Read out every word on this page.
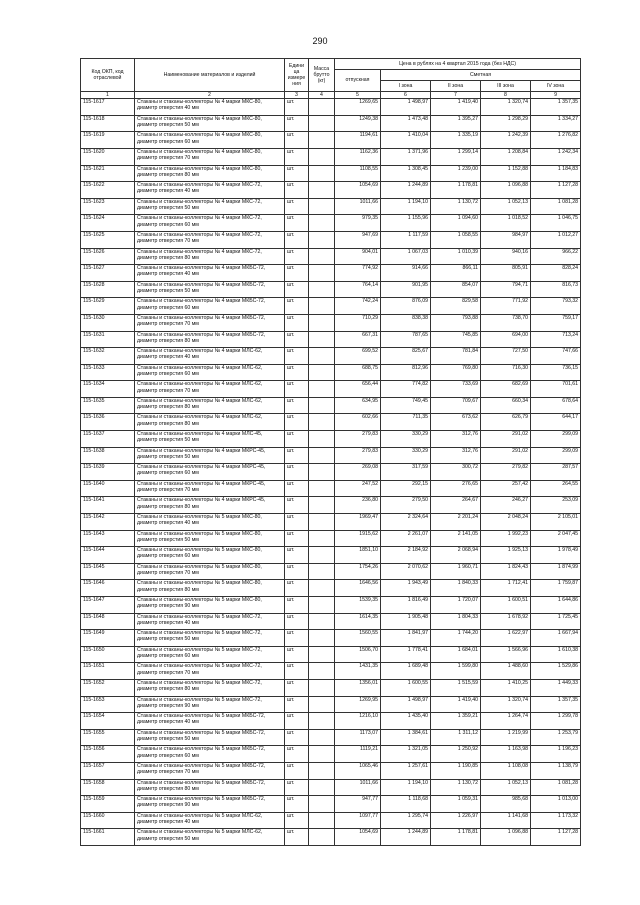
290
Код ОКП, код отраслевой	Наименование материалов и изделий	Едини ца измере ния	Масса брутто (кг)	Цена в рублях на 4 квартал 2015 года (без НДС)				
				отпускная	Сметная			
					I зона	II зона	III зона	IV зона
1	2	3	4	5	6	7	8	9
115-1617	Стаканы и стаканы-коллекторы № 4 марки МКС-80, диаметр отверстия 40 мм	шт.		1269,65	1 498,97	1 419,40	1 320,74	1 357,35
115-1618	Стаканы и стаканы-коллекторы № 4 марки МКС-80, диаметр отверстия 50 мм	шт.		1249,38	1 473,48	1 395,27	1 298,29	1 334,27
115-1619	Стаканы и стаканы-коллекторы № 4 марки МКС-80, диаметр отверстия 60 мм	шт.		1194,61	1 410,04	1 335,19	1 242,39	1 276,82
115-1620	Стаканы и стаканы-коллекторы № 4 марки МКС-80, диаметр отверстия 70 мм	шт.		1162,36	1 371,96	1 299,14	1 208,84	1 242,34
115-1621	Стаканы и стаканы-коллекторы № 4 марки МКС-80, диаметр отверстия 80 мм	шт.		1108,55	1 308,45	1 239,00	1 152,88	1 184,83
115-1622	Стаканы и стаканы-коллекторы № 4 марки МКС-72, диаметр отверстия 40 мм	шт.		1054,69	1 244,89	1 178,81	1 096,88	1 127,28
115-1623	Стаканы и стаканы-коллекторы № 4 марки МКС-72, диаметр отверстия 50 мм	шт.		1011,66	1 194,10	1 130,72	1 052,13	1 081,28
115-1624	Стаканы и стаканы-коллекторы № 4 марки МКС-72, диаметр отверстия 60 мм	шт.		979,35	1 155,96	1 094,60	1 018,52	1 046,75
115-1625	Стаканы и стаканы-коллекторы № 4 марки МКС-72, диаметр отверстия 70 мм	шт.		947,69	1 117,59	1 058,55	984,97	1 012,27
115-1626	Стаканы и стаканы-коллекторы № 4 марки МКС-72, диаметр отверстия 80 мм	шт.		904,01	1 067,03	1 010,39	940,16	966,22
115-1627	Стаканы и стаканы-коллекторы № 4 марки МКБС-72, диаметр отверстия 40 мм	шт.		774,92	914,66	866,11	805,91	828,24
115-1628	Стаканы и стаканы-коллекторы № 4 марки МКБС-72, диаметр отверстия 50 мм	шт.		764,14	901,95	854,07	794,71	816,73
115-1629	Стаканы и стаканы-коллекторы № 4 марки МКБС-72, диаметр отверстия 60 мм	шт.		742,24	876,09	829,58	771,92	793,32
115-1630	Стаканы и стаканы-коллекторы № 4 марки МКБС-72, диаметр отверстия 70 мм	шт.		710,29	838,38	793,88	738,70	759,17
115-1631	Стаканы и стаканы-коллекторы № 4 марки МКБС-72, диаметр отверстия 80 мм	шт.		667,31	787,65	745,85	694,00	713,24
115-1632	Стаканы и стаканы-коллекторы № 4 марки МЛС-62, диаметр отверстия 40 мм	шт.		699,52	825,67	781,84	727,50	747,66
115-1633	Стаканы и стаканы-коллекторы № 4 марки МЛС-62, диаметр отверстия 60 мм	шт.		688,75	812,96	769,80	716,30	736,15
115-1634	Стаканы и стаканы-коллекторы № 4 марки МЛС-62, диаметр отверстия 70 мм	шт.		656,44	774,82	733,69	682,69	701,61
115-1635	Стаканы и стаканы-коллекторы № 4 марки МЛС-62, диаметр отверстия 80 мм	шт.		634,95	749,45	709,67	660,34	678,64
115-1636	Стаканы и стаканы-коллекторы № 4 марки МЛС-62, диаметр отверстия 80 мм	шт.		602,66	711,35	673,62	626,79	644,17
115-1637	Стаканы и стаканы-коллекторы № 4 марки МЛС-45, диаметр отверстия 50 мм	шт.		279,83	330,29	312,76	291,02	299,09
115-1638	Стаканы и стаканы-коллекторы № 4 марки МКРС-45, диаметр отверстия 50 мм	шт.		279,83	330,29	312,76	291,02	299,09
115-1639	Стаканы и стаканы-коллекторы № 4 марки МКРС-45, диаметр отверстия 60 мм	шт.		269,08	317,59	300,72	279,82	287,57
115-1640	Стаканы и стаканы-коллекторы № 4 марки МКРС-45, диаметр отверстия 70 мм	шт.		247,52	292,15	276,65	257,42	264,55
115-1641	Стаканы и стаканы-коллекторы № 4 марки МКРС-45, диаметр отверстия 80 мм	шт.		236,80	279,50	264,67	246,27	253,09
115-1642	Стаканы и стаканы-коллекторы № 5 марки МКС-80, диаметр отверстия 40 мм	шт.		1969,47	2 324,64	2 201,24	2 048,24	2 105,01
115-1643	Стаканы и стаканы-коллекторы № 5 марки МКС-80, диаметр отверстия 50 мм	шт.		1915,62	2 261,07	2 141,05	1 992,23	2 047,45
115-1644	Стаканы и стаканы-коллекторы № 5 марки МКС-80, диаметр отверстия 60 мм	шт.		1851,10	2 184,92	2 068,94	1 925,13	1 978,49
115-1645	Стаканы и стаканы-коллекторы № 5 марки МКС-80, диаметр отверстия 70 мм	шт.		1754,26	2 070,62	1 960,71	1 824,43	1 874,99
115-1646	Стаканы и стаканы-коллекторы № 5 марки МКС-80, диаметр отверстия 80 мм	шт.		1646,56	1 943,49	1 840,33	1 712,41	1 759,87
115-1647	Стаканы и стаканы-коллекторы № 5 марки МКС-80, диаметр отверстия 90 мм	шт.		1539,35	1 816,49	1 720,07	1 600,51	1 644,86
115-1648	Стаканы и стаканы-коллекторы № 5 марки МКС-72, диаметр отверстия 40 мм	шт.		1614,35	1 905,48	1 804,33	1 678,92	1 725,45
115-1649	Стаканы и стаканы-коллекторы № 5 марки МКС-72, диаметр отверстия 50 мм	шт.		1560,55	1 841,97	1 744,20	1 622,97	1 667,94
115-1650	Стаканы и стаканы-коллекторы № 5 марки МКС-72, диаметр отверстия 60 мм	шт.		1506,70	1 778,41	1 684,01	1 566,96	1 610,38
115-1651	Стаканы и стаканы-коллекторы № 5 марки МКС-72, диаметр отверстия 70 мм	шт.		1431,35	1 689,48	1 599,80	1 488,60	1 529,86
115-1652	Стаканы и стаканы-коллекторы № 5 марки МКС-72, диаметр отверстия 80 мм	шт.		1356,01	1 600,55	1 515,59	1 410,25	1 449,33
115-1653	Стаканы и стаканы-коллекторы № 5 марки МКС-72, диаметр отверстия 90 мм	шт.		1269,95	1 498,97	1 419,40	1 320,74	1 357,35
115-1654	Стаканы и стаканы-коллекторы № 5 марки МКБС-72, диаметр отверстия 40 мм	шт.		1216,10	1 435,40	1 359,21	1 264,74	1 299,78
115-1655	Стаканы и стаканы-коллекторы № 5 марки МКБС-72, диаметр отверстия 50 мм	шт.		1173,07	1 384,61	1 311,12	1 219,99	1 253,79
115-1656	Стаканы и стаканы-коллекторы № 5 марки МКБС-72, диаметр отверстия 60 мм	шт.		1119,21	1 321,05	1 250,92	1 163,98	1 196,23
115-1657	Стаканы и стаканы-коллекторы № 5 марки МКБС-72, диаметр отверстия 70 мм	шт.		1065,46	1 257,61	1 190,85	1 108,08	1 138,79
115-1658	Стаканы и стаканы-коллекторы № 5 марки МКБС-72, диаметр отверстия 80 мм	шт.		1011,66	1 194,10	1 130,72	1 052,13	1 081,28
115-1659	Стаканы и стаканы-коллекторы № 5 марки МКБС-72, диаметр отверстия 90 мм	шт.		947,77	1 118,68	1 059,31	985,68	1 013,00
115-1660	Стаканы и стаканы-коллекторы № 5 марки МЛС-62, диаметр отверстия 40 мм	шт.		1097,77	1 295,74	1 226,97	1 141,68	1 173,32
115-1661	Стаканы и стаканы-коллекторы № 5 марки МЛС-62, диаметр отверстия 50 мм	шт.		1054,69	1 244,89	1 178,81	1 096,88	1 127,28
